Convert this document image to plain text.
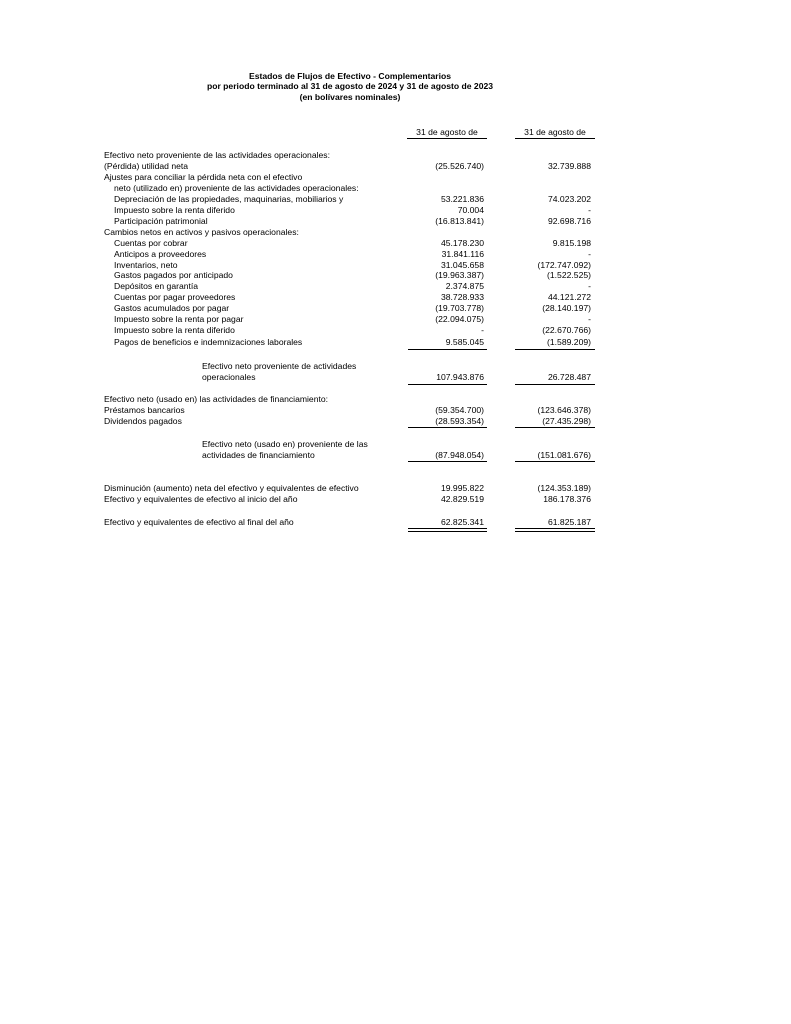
Estados de Flujos de Efectivo - Complementarios
por periodo terminado al 31 de agosto de 2024 y 31 de agosto de 2023
(en bolívares nominales)
31 de agosto de	31 de agosto de
Efectivo neto proveniente de las actividades operacionales:
(Pérdida) utilidad neta	(25.526.740)	32.739.888
Ajustes para conciliar la pérdida neta con el efectivo
neto (utilizado en) proveniente de las actividades operacionales:
Depreciación de las propiedades, maquinarias, mobiliarios y	53.221.836	74.023.202
Impuesto sobre la renta diferido	70.004	-
Participación patrimonial	(16.813.841)	92.698.716
Cambios netos en activos y pasivos operacionales:
Cuentas por cobrar	45.178.230	9.815.198
Anticipos a proveedores	31.841.116	-
Inventarios, neto	31.045.658	(172.747.092)
Gastos pagados por anticipado	(19.963.387)	(1.522.525)
Depósitos en garantía	2.374.875	-
Cuentas por pagar proveedores	38.728.933	44.121.272
Gastos acumulados por pagar	(19.703.778)	(28.140.197)
Impuesto sobre la renta por pagar	(22.094.075)	-
Impuesto sobre la renta diferido	-	(22.670.766)
Pagos de beneficios e indemnizaciones laborales	9.585.045	(1.589.209)
Efectivo neto proveniente de actividades
operacionales	107.943.876	26.728.487
Efectivo neto (usado en) las actividades de financiamiento:
Préstamos bancarios	(59.354.700)	(123.646.378)
Dividendos pagados	(28.593.354)	(27.435.298)
Efectivo neto (usado en) proveniente de las
actividades de financiamiento	(87.948.054)	(151.081.676)
Disminución (aumento) neta del efectivo y equivalentes de efectivo	19.995.822	(124.353.189)
Efectivo y equivalentes de efectivo al inicio del año	42.829.519	186.178.376
Efectivo y equivalentes de efectivo al final del año	62.825.341	61.825.187
